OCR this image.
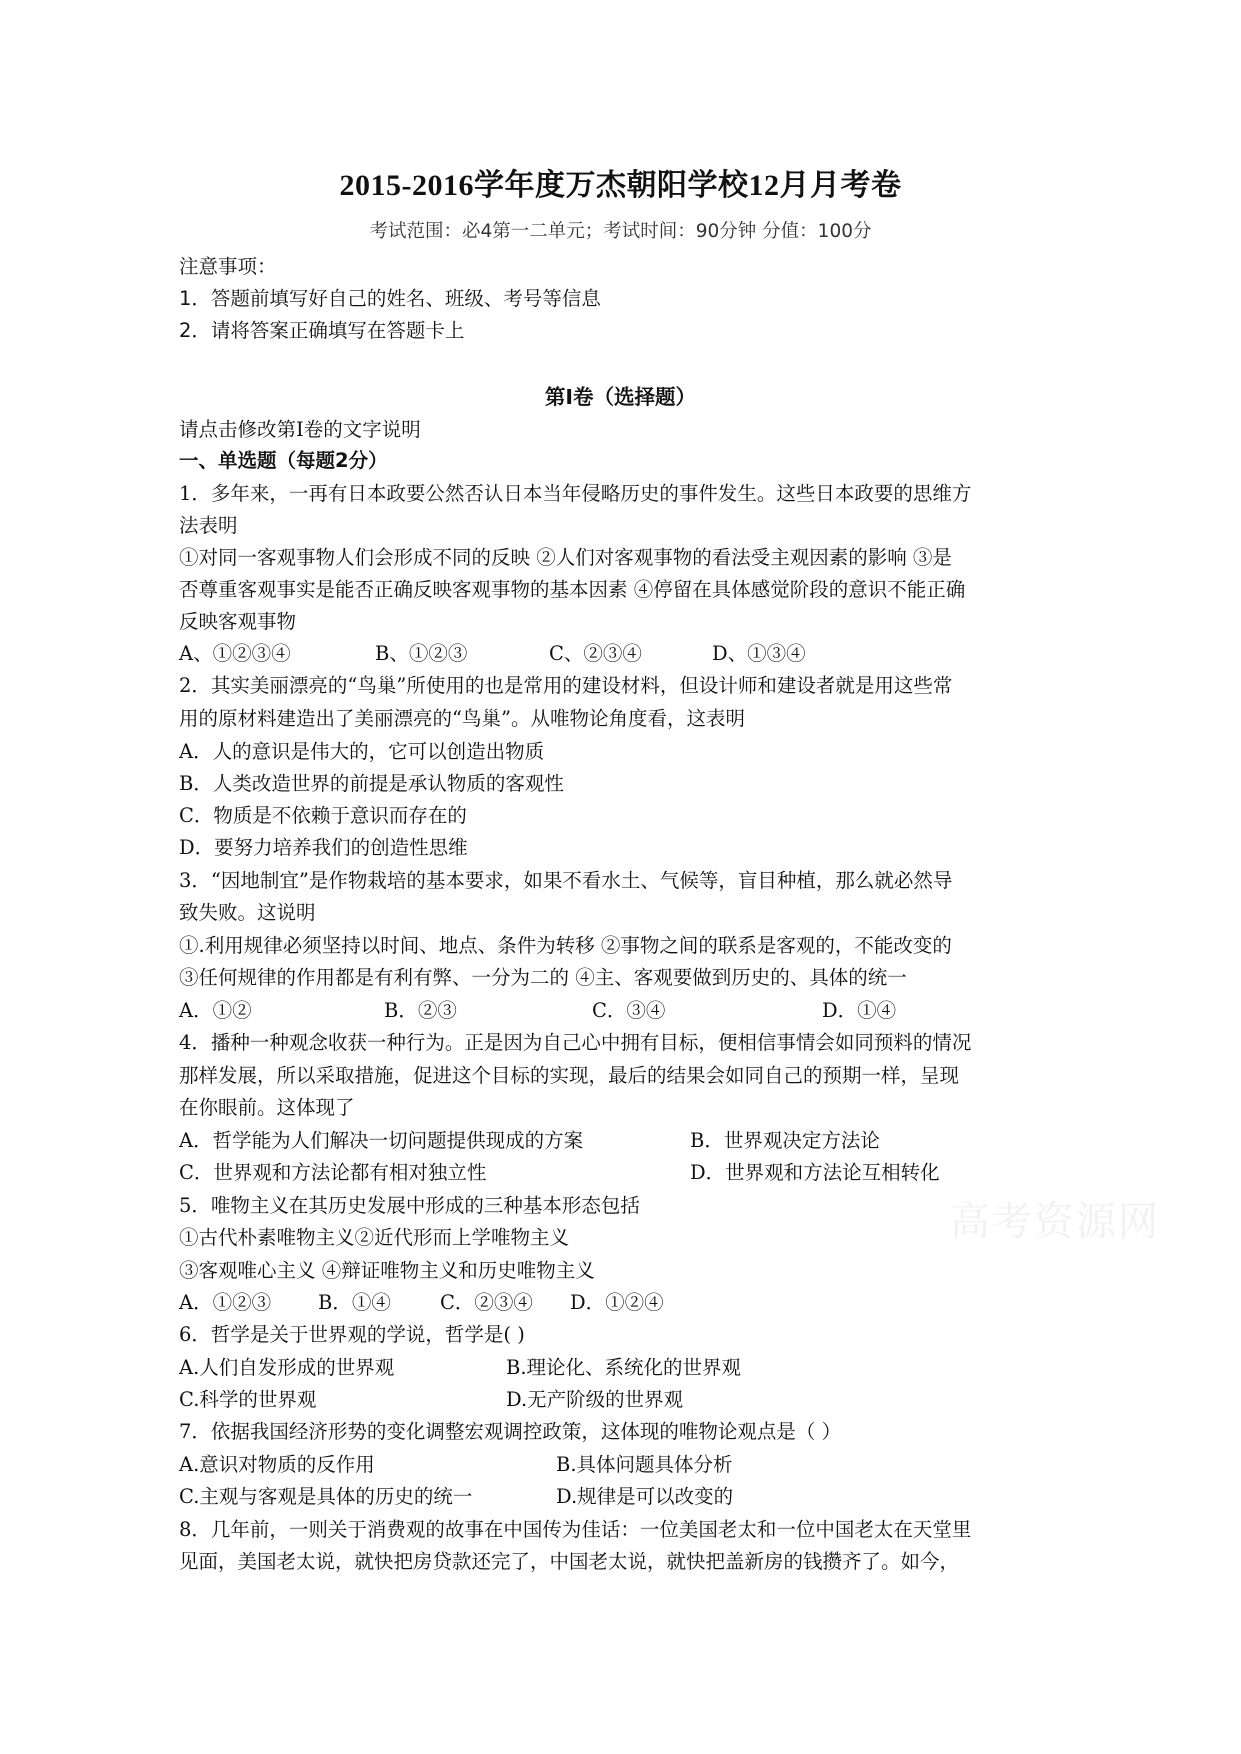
2015-2016学年度万杰朝阳学校12月月考卷
考试范围：必4第一二单元；考试时间：90分钟 分值：100分
注意事项：
1．答题前填写好自己的姓名、班级、考号等信息
2．请将答案正确填写在答题卡上
第I卷（选择题）
请点击修改第I卷的文字说明
一、单选题（每题2分）
1．多年来，一再有日本政要公然否认日本当年侵略历史的事件发生。这些日本政要的思维方
法表明
①对同一客观事物人们会形成不同的反映 ②人们对客观事物的看法受主观因素的影响 ③是
否尊重客观事实是能否正确反映客观事物的基本因素 ④停留在具体感觉阶段的意识不能正确
反映客观事物
A、①②③④	B、①②③	C、②③④	D、①③④
2．其实美丽漂亮的“鸟巢”所使用的也是常用的建设材料，但设计师和建设者就是用这些常
用的原材料建造出了美丽漂亮的“鸟巢”。从唯物论角度看，这表明
A．人的意识是伟大的，它可以创造出物质
B．人类改造世界的前提是承认物质的客观性
C．物质是不依赖于意识而存在的
D．要努力培养我们的创造性思维
3．“因地制宜”是作物栽培的基本要求，如果不看水土、气候等，盲目种植，那么就必然导
致失败。这说明
①.利用规律必须坚持以时间、地点、条件为转移 ②事物之间的联系是客观的，不能改变的
③任何规律的作用都是有利有弊、一分为二的 ④主、客观要做到历史的、具体的统一
A．①②	B．②③	C．③④	D．①④
4．播种一种观念收获一种行为。正是因为自己心中拥有目标，便相信事情会如同预料的情况
那样发展，所以采取措施，促进这个目标的实现，最后的结果会如同自己的预期一样，呈现
在你眼前。这体现了
A．哲学能为人们解决一切问题提供现成的方案	B．世界观决定方法论
C．世界观和方法论都有相对独立性	D．世界观和方法论互相转化
5．唯物主义在其历史发展中形成的三种基本形态包括
①古代朴素唯物主义②近代形而上学唯物主义
③客观唯心主义 ④辩证唯物主义和历史唯物主义
A．①②③ B．①④	C．②③④ D．①②④
6．哲学是关于世界观的学说，哲学是( )
A.人们自发形成的世界观	B.理论化、系统化的世界观
C.科学的世界观	D.无产阶级的世界观
7．依据我国经济形势的变化调整宏观调控政策，这体现的唯物论观点是（ ）
A.意识对物质的反作用	B.具体问题具体分析
C.主观与客观是具体的历史的统一	D.规律是可以改变的
8．几年前，一则关于消费观的故事在中国传为佳话：一位美国老太和一位中国老太在天堂里
见面，美国老太说，就快把房贷款还完了，中国老太说，就快把盖新房的钱攒齐了。如今，
高考资源网
